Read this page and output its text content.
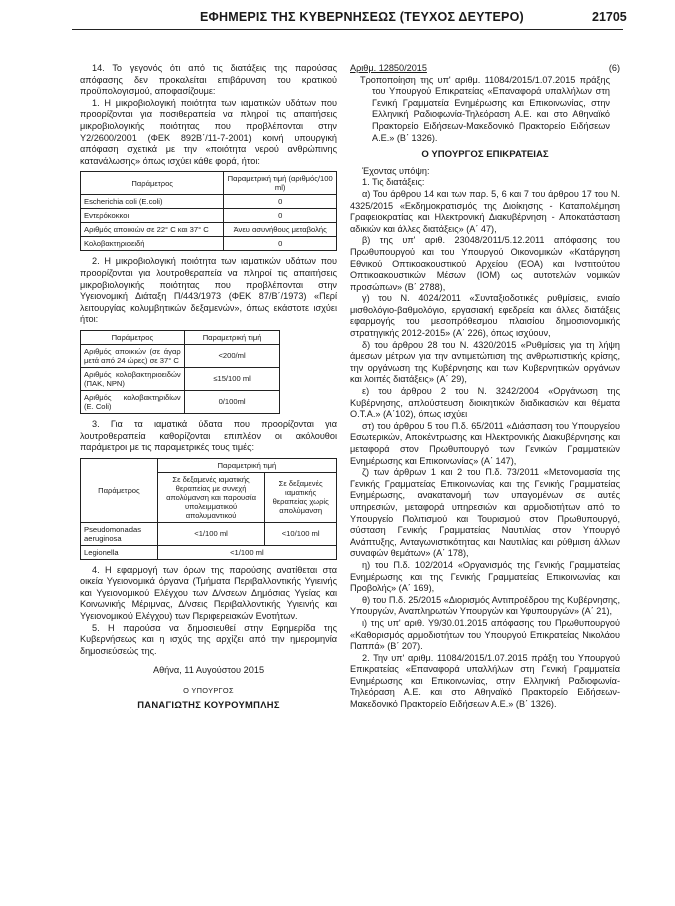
ΕΦΗΜΕΡΙΣ ΤΗΣ ΚΥΒΕΡΝΗΣΕΩΣ (ΤΕΥΧΟΣ ΔΕΥΤΕΡΟ)	21705

14. Το γεγονός ότι από τις διατάξεις της παρούσας απόφασης δεν προκαλείται επιβάρυνση του κρατικού προϋπολογισμού, αποφασίζουμε:

1. Η μικροβιολογική ποιότητα των ιαματικών υδάτων που προορίζονται για ποσιθεραπεία να πληροί τις απαιτήσεις μικροβιολογικής ποιότητας που προβλέπονται στην Υ2/2600/2001 (ΦΕΚ 892Β΄/11-7-2001) κοινή υπουργική απόφαση σχετικά με την «ποιότητα νερού ανθρώπινης κατανάλωσης» όπως ισχύει κάθε φορά, ήτοι:

Παράμετρος	Παραμετρική τιμή (αριθμός/100 ml)
Escherichia coli (E.coli)	0
Εντερόκοκκοι	0
Αριθμός αποικιών σε 22° C και 37° C	Άνευ ασυνήθους μεταβολής
Κολοβακτηριοειδή	0

2. Η μικροβιολογική ποιότητα των ιαματικών υδάτων που προορίζονται για λουτροθεραπεία να πληροί τις απαιτήσεις μικροβιολογικής ποιότητας που προβλέπονται στην Υγειονομική Διάταξη Π/443/1973 (ΦΕΚ 87/Β΄/1973) «Περί λειτουργίας κολυμβητικών δεξαμενών», όπως εκάστοτε ισχύει ήτοι:

Παράμετρος	Παραμετρική τιμή
Αριθμός αποικιών (σε άγαρ μετά από 24 ώρες) σε 37° C	<200/ml
Αριθμός κολοβακτηριοειδών (ΠΑΚ, NPN)	≤15/100 ml
Αριθμός κολοβακτηριδίων (E. Coli)	0/100ml

3. Για τα ιαματικά ύδατα που προορίζονται για λουτροθεραπεία καθορίζονται επιπλέον οι ακόλουθοι παράμετροι με τις παραμετρικές τους τιμές:

Παράμετρος	Παραμετρική τιμή	
	Σε δεξαμενές ιαματικής θεραπείας με συνεχή απολύμανση και παρουσία υπολειμματικού απολυμαντικού	Σε δεξαμενές ιαματικής θεραπείας χωρίς απολύμανση
Pseudomonadas aeruginosa	<1/100 ml	<10/100 ml
Legionella	<1/100 ml	

4. Η εφαρμογή των όρων της παρούσης ανατίθεται στα οικεία Υγειονομικά όργανα (Τμήματα Περιβαλλοντικής Υγιεινής και Υγειονομικού Ελέγχου των Δ/νσεων Δημόσιας Υγείας και Κοινωνικής Μέριμνας, Δ/νσεις Περιβαλλοντικής Υγιεινής και Υγειονομικού Ελέγχου) των Περιφερειακών Ενοτήτων.

5. Η παρούσα να δημοσιευθεί στην Εφημερίδα της Κυβερνήσεως και η ισχύς της αρχίζει από την ημερομηνία δημοσιεύσεώς της.

Αθήνα, 11 Αυγούστου 2015
Ο ΥΠΟΥΡΓΟΣ
ΠΑΝΑΓΙΩΤΗΣ ΚΟΥΡΟΥΜΠΛΗΣ
Αριθμ. 12850/2015	(6)
Τροποποίηση της υπ' αριθμ. 11084/2015/1.07.2015 πράξης του Υπουργού Επικρατείας «Επαναφορά υπαλλήλων στη Γενική Γραμματεία Ενημέρωσης και Επικοινωνίας, στην Ελληνική Ραδιοφωνία-Τηλεόραση Α.Ε. και στο Αθηναϊκό Πρακτορείο Ειδήσεων-Μακεδονικό Πρακτορείο Ειδήσεων Α.Ε.» (Β΄ 1326).
Ο ΥΠΟΥΡΓΟΣ ΕΠΙΚΡΑΤΕΙΑΣ

Έχοντας υπόψη:

1. Τις διατάξεις:

α) Του άρθρου 14 και των παρ. 5, 6 και 7 του άρθρου 17 του Ν. 4325/2015 «Εκδημοκρατισμός της Διοίκησης - Καταπολέμηση Γραφειοκρατίας και Ηλεκτρονική Διακυβέρνηση - Αποκατάσταση αδικιών και άλλες διατάξεις» (Α΄ 47),

β) της υπ' αριθ. 23048/2011/5.12.2011 απόφασης του Πρωθυπουργού και του Υπουργού Οικονομικών «Κατάργηση Εθνικού Οπτικοακουστικού Αρχείου (ΕΟΑ) και Ινστιτούτου Οπτικοακουστικών Μέσων (ΙΟΜ) ως αυτοτελών νομικών προσώπων» (Β΄ 2788),

γ) του Ν. 4024/2011 «Συνταξιοδοτικές ρυθμίσεις, ενιαίο μισθολόγιο-βαθμολόγιο, εργασιακή εφεδρεία και άλλες διατάξεις εφαρμογής του μεσοπρόθεσμου πλαισίου δημοσιονομικής στρατηγικής 2012-2015» (Α΄ 226), όπως ισχύουν,

δ) του άρθρου 28 του Ν. 4320/2015 «Ρυθμίσεις για τη λήψη άμεσων μέτρων για την αντιμετώπιση της ανθρωπιστικής κρίσης, την οργάνωση της Κυβέρνησης και των Κυβερνητικών οργάνων και λοιπές διατάξεις» (Α΄ 29),

ε) του άρθρου 2 του Ν. 3242/2004 «Οργάνωση της Κυβέρνησης, απλούστευση διοικητικών διαδικασιών και θέματα Ο.Τ.Α.» (Α΄102), όπως ισχύει

στ) του άρθρου 5 του Π.δ. 65/2011 «Διάσπαση του Υπουργείου Εσωτερικών, Αποκέντρωσης και Ηλεκτρονικής Διακυβέρνησης και μεταφορά στον Πρωθυπουργό των Γενικών Γραμματειών Ενημέρωσης και Επικοινωνίας» (Α΄ 147),

ζ) των άρθρων 1 και 2 του Π.δ. 73/2011 «Μετονομασία της Γενικής Γραμματείας Επικοινωνίας και της Γενικής Γραμματείας Ενημέρωσης, ανακατανομή των υπαγομένων σε αυτές υπηρεσιών, μεταφορά υπηρεσιών και αρμοδιοτήτων από το Υπουργείο Πολιτισμού και Τουρισμού στον Πρωθυπουργό, σύσταση Γενικής Γραμματείας Ναυτιλίας στον Υπουργό Ανάπτυξης, Ανταγωνιστικότητας και Ναυτιλίας και ρύθμιση άλλων συναφών θεμάτων» (Α΄ 178),

η) του Π.δ. 102/2014 «Οργανισμός της Γενικής Γραμματείας Ενημέρωσης και της Γενικής Γραμματείας Επικοινωνίας και Προβολής» (Α΄ 169),

θ) του Π.δ. 25/2015 «Διορισμός Αντιπροέδρου της Κυβέρνησης, Υπουργών, Αναπληρωτών Υπουργών και Υφυπουργών» (Α΄ 21),

ι) της υπ' αριθ. Υ9/30.01.2015 απόφασης του Πρωθυπουργού «Καθορισμός αρμοδιοτήτων του Υπουργού Επικρατείας Νικολάου Παππά» (Β΄ 207).

2. Την υπ' αριθμ. 11084/2015/1.07.2015 πράξη του Υπουργού Επικρατείας «Επαναφορά υπαλλήλων στη Γενική Γραμματεία Ενημέρωσης και Επικοινωνίας, στην Ελληνική Ραδιοφωνία-Τηλεόραση Α.Ε. και στο Αθηναϊκό Πρακτορείο Ειδήσεων-Μακεδονικό Πρακτορείο Ειδήσεων Α.Ε.» (Β΄ 1326).
